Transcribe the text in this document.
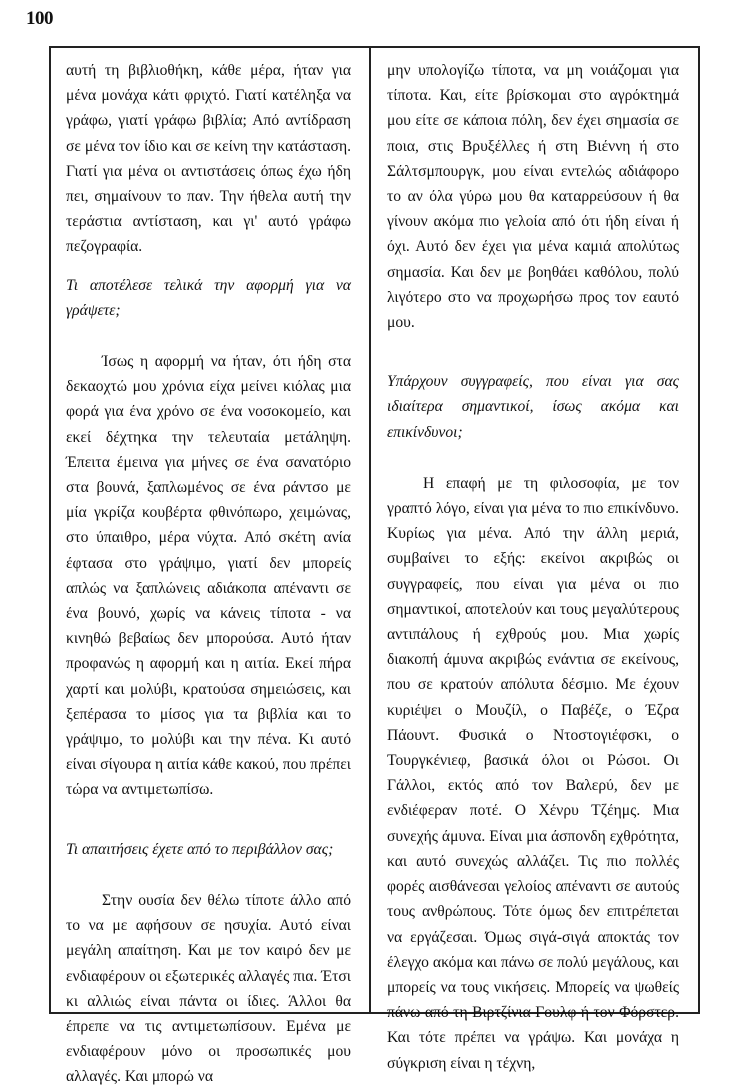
100

αυτή τη βιβλιοθήκη, κάθε μέρα, ήταν για μένα μονάχα κάτι φριχτό. Γιατί κατέληξα να γράφω, γιατί γράφω βιβλία; Από αντίδραση σε μένα τον ίδιο και σε κείνη την κατάσταση. Γιατί για μένα οι αντιστάσεις όπως έχω ήδη πει, σημαίνουν το παν. Την ήθελα αυτή την τεράστια αντίσταση, και γι' αυτό γράφω πεζογραφία.

Τι αποτέλεσε τελικά την αφορμή για να γράψετε;

Ίσως η αφορμή να ήταν, ότι ήδη στα δεκαοχτώ μου χρόνια είχα μείνει κιόλας μια φορά για ένα χρόνο σε ένα νοσοκομείο, και εκεί δέχτηκα την τελευταία μετάληψη. Έπειτα έμεινα για μήνες σε ένα σανατόριο στα βουνά, ξαπλωμένος σε ένα ράντσο με μία γκρίζα κουβέρτα φθινόπωρο, χειμώνας, στο ύπαιθρο, μέρα νύχτα. Από σκέτη ανία έφτασα στο γράψιμο, γιατί δεν μπορείς απλώς να ξαπλώνεις αδιάκοπα απέναντι σε ένα βουνό, χωρίς να κάνεις τίποτα - να κινηθώ βεβαίως δεν μπορούσα. Αυτό ήταν προφανώς η αφορμή και η αιτία. Εκεί πήρα χαρτί και μολύβι, κρατούσα σημειώσεις, και ξεπέρασα το μίσος για τα βιβλία και το γράψιμο, το μολύβι και την πένα. Κι αυτό είναι σίγουρα η αιτία κάθε κακού, που πρέπει τώρα να αντιμετωπίσω.

Τι απαιτήσεις έχετε από το περιβάλλον σας;

Στην ουσία δεν θέλω τίποτε άλλο από το να με αφήσουν σε ησυχία. Αυτό είναι μεγάλη απαίτηση. Και με τον καιρό δεν με ενδιαφέρουν οι εξωτερικές αλλαγές πια. Έτσι κι αλλιώς είναι πάντα οι ίδιες. Άλλοι θα έπρεπε να τις αντιμετωπίσουν. Εμένα με ενδιαφέρουν μόνο οι προσωπικές μου αλλαγές. Και μπορώ να

μην υπολογίζω τίποτα, να μη νοιάζομαι για τίποτα. Και, είτε βρίσκομαι στο αγρόκτημά μου είτε σε κάποια πόλη, δεν έχει σημασία σε ποια, στις Βρυξέλλες ή στη Βιέννη ή στο Σάλτσμπουργκ, μου είναι εντελώς αδιάφορο το αν όλα γύρω μου θα καταρρεύσουν ή θα γίνουν ακόμα πιο γελοία από ότι ήδη είναι ή όχι. Αυτό δεν έχει για μένα καμιά απολύτως σημασία. Και δεν με βοηθάει καθόλου, πολύ λιγότερο στο να προχωρήσω προς τον εαυτό μου.

Υπάρχουν συγγραφείς, που είναι για σας ιδιαίτερα σημαντικοί, ίσως ακόμα και επικίνδυνοι;

Η επαφή με τη φιλοσοφία, με τον γραπτό λόγο, είναι για μένα το πιο επικίνδυνο. Κυρίως για μένα. Από την άλλη μεριά, συμβαίνει το εξής: εκείνοι ακριβώς οι συγγραφείς, που είναι για μένα οι πιο σημαντικοί, αποτελούν και τους μεγαλύτερους αντιπάλους ή εχθρούς μου. Μια χωρίς διακοπή άμυνα ακριβώς ενάντια σε εκείνους, που σε κρατούν απόλυτα δέσμιο. Με έχουν κυριέψει ο Μουζίλ, ο Παβέζε, ο Έζρα Πάουντ. Φυσικά ο Ντοστογιέφσκι, ο Τουργκένιεφ, βασικά όλοι οι Ρώσοι. Οι Γάλλοι, εκτός από τον Βαλερύ, δεν με ενδιέφεραν ποτέ. Ο Χένρυ Τζέημς. Μια συνεχής άμυνα. Είναι μια άσπονδη εχθρότητα, και αυτό συνεχώς αλλάζει. Τις πιο πολλές φορές αισθάνεσαι γελοίος απέναντι σε αυτούς τους ανθρώπους. Τότε όμως δεν επιτρέπεται να εργάζεσαι. Όμως σιγά-σιγά αποκτάς τον έλεγχο ακόμα και πάνω σε πολύ μεγάλους, και μπορείς να τους νικήσεις. Μπορείς να ψωθείς πάνω από τη Βιρτζίνια Γουλφ ή τον Φόρστερ. Και τότε πρέπει να γράψω. Και μονάχα η σύγκριση είναι η τέχνη,
